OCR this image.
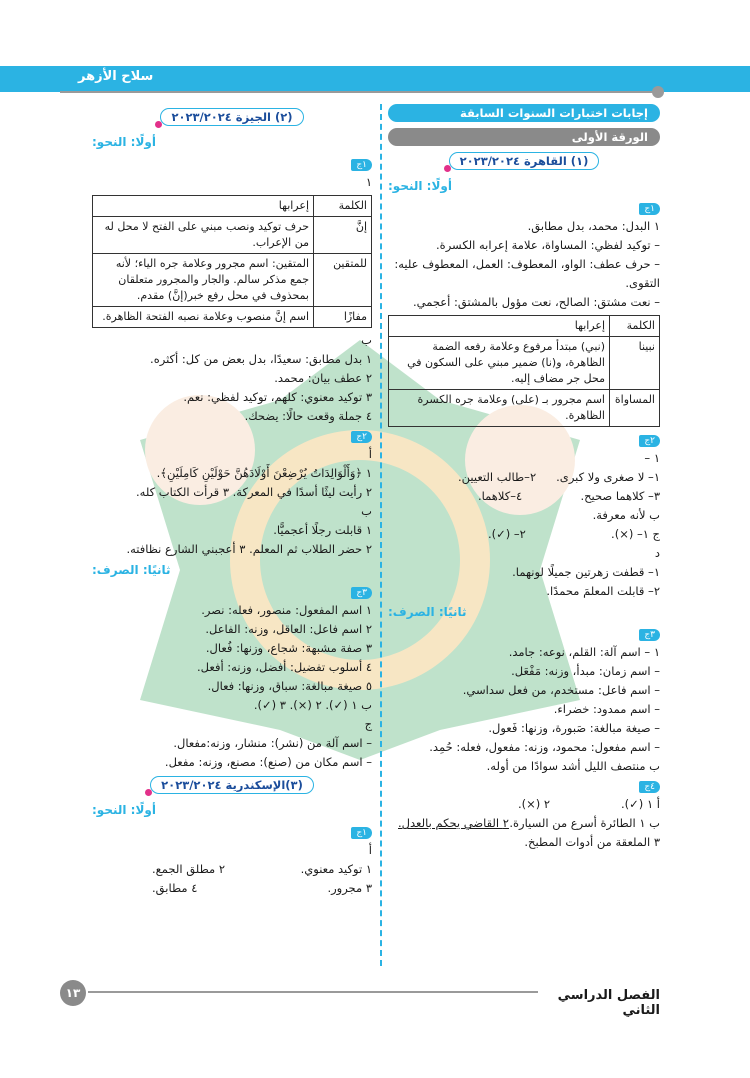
سلاح الأزهر
إجابات اختبارات السنوات السابقة
الورقة الأولى
(١) القاهرة ٢٠٢٣/٢٠٢٤
أولًا: النحو:
١ج
١ البدل: محمد، بدل مطابق.
– توكيد لفظي: المساواة، علامة إعرابه الكسرة.
– حرف عطف: الواو، المعطوف: العمل، المعطوف عليه: التقوى.
– نعت مشتق: الصالح، نعت مؤول بالمشتق: أعجمي.
الكلمة	إعرابها
نبينا	(نبي) مبتدأ مرفوع وعلامة رفعه الضمة الظاهرة، و(نا) ضمير مبني على السكون في محل جر مضاف إليه.
المساواة	اسم مجرور بـ (على) وعلامة جره الكسرة الظاهرة.
٢ج
١ –
١– لا صغرى ولا كبرى.
٢–طالب التعيين.
٣– كلاهما صحيح.
٤–كلاهما.
ب لأنه معرفة.
ج ١– (×).
٢– (✓).
د
١– قطفت زهرتين جميلًا لونهما.
٢– قابلت المعلمَ محمدًا.
ثانيًا: الصرف:
٣ج
١ – اسم آلة: القلم، نوعه: جامد.
– اسم زمان: مبدأ، وزنه: مَفْعَل.
– اسم فاعل: مستخدم، من فعل سداسي.
– اسم ممدود: خضراء.
– صيغة مبالغة: صَبورة، وزنها: فَعول.
– اسم مفعول: محمود، وزنه: مفعول، فعله: حُمِد.
ب منتصف الليل أشد سوادًا من أوله.
٤ج
أ ١ (✓).
٢ (×).
ب ١ الطائرة أسرع من السيارة.
٢ القاضي يحكم بالعدل.
٣ الملعقة من أدوات المطبخ.
(٢) الجيزة ٢٠٢٣/٢٠٢٤
أولًا: النحو:
١ج
١
الكلمة	إعرابها
إنَّ	حرف توكيد ونصب مبني على الفتح لا محل له من الإعراب.
للمتقين	المتقين: اسم مجرور وعلامة جره الياء؛ لأنه جمع مذكر سالم. والجار والمجرور متعلقان بمحذوف في محل رفع خبر(إنَّ) مقدم.
مفازًا	اسم إنَّ منصوب وعلامة نصبه الفتحة الظاهرة.
ب
١ بدل مطابق: سعيدًا، بدل بعض من كل: أكثره.
٢ عطف بيان: محمد.
٣ توكيد معنوي: كلهم، توكيد لفظي: نعم.
٤ جملة وقعت حالًا: يضحك.
٢ج
أ
١ ﴿وَأَلْوَالِدَاتُ يُرْضِعْنَ أَوْلَادَهُنَّ حَوْلَيْنِ كَامِلَيْنِ﴾.
٢ رأيت ليثًا أسدًا في المعركة. ٣ قرأت الكتاب كله.
ب
١ قابلت رجلًا أعجميًّا.
٢ حضر الطلاب ثم المعلم. ٣ أعجبني الشارع نظافته.
ثانيًا: الصرف:
٣ج
١ اسم المفعول: منصور، فعله: نصر.
٢ اسم فاعل: العاقل، وزنه: الفاعل.
٣ صفة مشبهة: شجاع، وزنها: فُعال.
٤ أسلوب تفضيل: أفضل، وزنه: أفعل.
٥ صيغة مبالغة: سباق، وزنها: فعال.
ب ١ (✓). ٢ (×). ٣ (✓).
ج
– اسم آلة من (نشر): منشار، وزنه:مفعال.
– اسم مكان من (صنع): مصنع، وزنه: مفعل.
(٣)الإسكندرية ٢٠٢٣/٢٠٢٤
أولًا: النحو:
١ج
أ
١ توكيد معنوي.
٢ مطلق الجمع.
٣ مجرور.
٤ مطابق.
١٣	الفصل الدراسي الثاني
